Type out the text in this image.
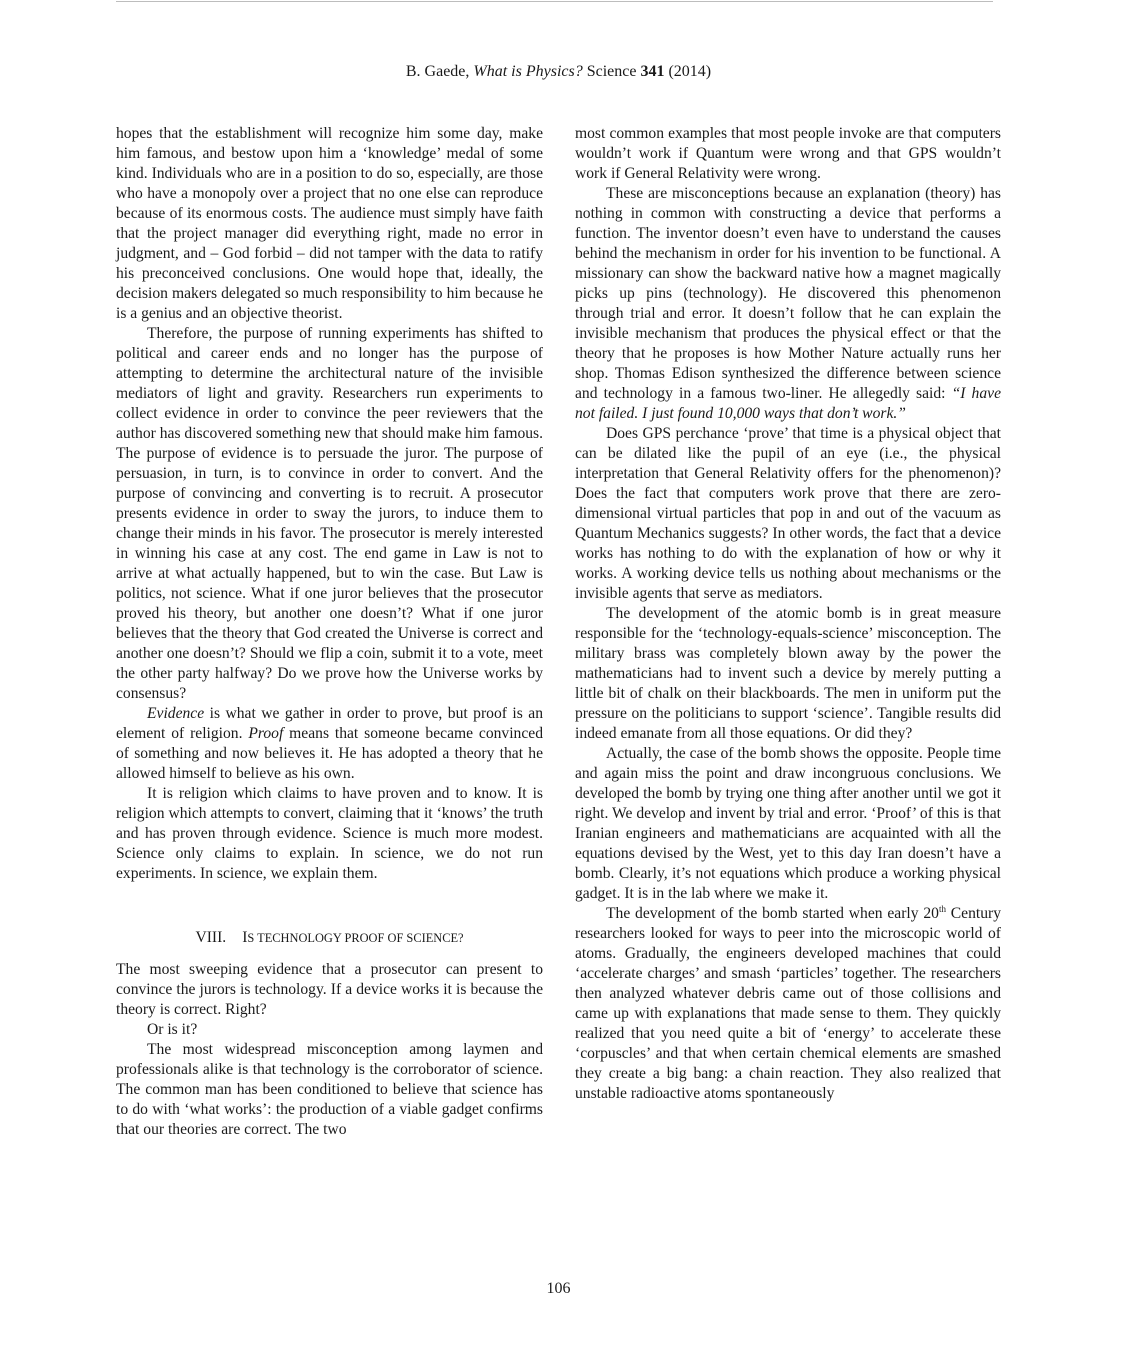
B. Gaede, What is Physics? Science 341 (2014)

hopes that the establishment will recognize him some day, make him famous, and bestow upon him a ‘knowledge’ medal of some kind. Individuals who are in a position to do so, especially, are those who have a monopoly over a project that no one else can reproduce because of its enormous costs. The audience must simply have faith that the project manager did everything right, made no error in judgment, and – God forbid – did not tamper with the data to ratify his preconceived conclusions. One would hope that, ideally, the decision makers delegated so much responsibility to him because he is a genius and an objective theorist.

Therefore, the purpose of running experiments has shifted to political and career ends and no longer has the purpose of attempting to determine the architectural nature of the invisible mediators of light and gravity. Researchers run experiments to collect evidence in order to convince the peer reviewers that the author has discovered something new that should make him famous. The purpose of evidence is to persuade the juror. The purpose of persuasion, in turn, is to convince in order to convert. And the purpose of convincing and converting is to recruit. A prosecutor presents evidence in order to sway the jurors, to induce them to change their minds in his favor. The prosecutor is merely interested in winning his case at any cost. The end game in Law is not to arrive at what actually happened, but to win the case. But Law is politics, not science. What if one juror believes that the prosecutor proved his theory, but another one doesn’t? What if one juror believes that the theory that God created the Universe is correct and another one doesn’t? Should we flip a coin, submit it to a vote, meet the other party halfway? Do we prove how the Universe works by consensus?

Evidence is what we gather in order to prove, but proof is an element of religion. Proof means that someone became convinced of something and now believes it. He has adopted a theory that he allowed himself to believe as his own.

It is religion which claims to have proven and to know. It is religion which attempts to convert, claiming that it ‘knows’ the truth and has proven through evidence. Science is much more modest. Science only claims to explain. In science, we do not run experiments. In science, we explain them.

VIII. IS TECHNOLOGY PROOF OF SCIENCE?

The most sweeping evidence that a prosecutor can present to convince the jurors is technology. If a device works it is because the theory is correct. Right?

Or is it?

The most widespread misconception among laymen and professionals alike is that technology is the corroborator of science. The common man has been conditioned to believe that science has to do with ‘what works’: the production of a viable gadget confirms that our theories are correct. The two

most common examples that most people invoke are that computers wouldn’t work if Quantum were wrong and that GPS wouldn’t work if General Relativity were wrong.

These are misconceptions because an explanation (theory) has nothing in common with constructing a device that performs a function. The inventor doesn’t even have to understand the causes behind the mechanism in order for his invention to be functional. A missionary can show the backward native how a magnet magically picks up pins (technology). He discovered this phenomenon through trial and error. It doesn’t follow that he can explain the invisible mechanism that produces the physical effect or that the theory that he proposes is how Mother Nature actually runs her shop. Thomas Edison synthesized the difference between science and technology in a famous two-liner. He allegedly said: “I have not failed. I just found 10,000 ways that don’t work.”

Does GPS perchance ‘prove’ that time is a physical object that can be dilated like the pupil of an eye (i.e., the physical interpretation that General Relativity offers for the phenomenon)? Does the fact that computers work prove that there are zero-dimensional virtual particles that pop in and out of the vacuum as Quantum Mechanics suggests? In other words, the fact that a device works has nothing to do with the explanation of how or why it works. A working device tells us nothing about mechanisms or the invisible agents that serve as mediators.

The development of the atomic bomb is in great measure responsible for the ‘technology-equals-science’ misconception. The military brass was completely blown away by the power the mathematicians had to invent such a device by merely putting a little bit of chalk on their blackboards. The men in uniform put the pressure on the politicians to support ‘science’. Tangible results did indeed emanate from all those equations. Or did they?

Actually, the case of the bomb shows the opposite. People time and again miss the point and draw incongruous conclusions. We developed the bomb by trying one thing after another until we got it right. We develop and invent by trial and error. ‘Proof’ of this is that Iranian engineers and mathematicians are acquainted with all the equations devised by the West, yet to this day Iran doesn’t have a bomb. Clearly, it’s not equations which produce a working physical gadget. It is in the lab where we make it.

The development of the bomb started when early 20th Century researchers looked for ways to peer into the microscopic world of atoms. Gradually, the engineers developed machines that could ‘accelerate charges’ and smash ‘particles’ together. The researchers then analyzed whatever debris came out of those collisions and came up with explanations that made sense to them. They quickly realized that you need quite a bit of ‘energy’ to accelerate these ‘corpuscles’ and that when certain chemical elements are smashed they create a big bang: a chain reaction. They also realized that unstable radioactive atoms spontaneously

106
